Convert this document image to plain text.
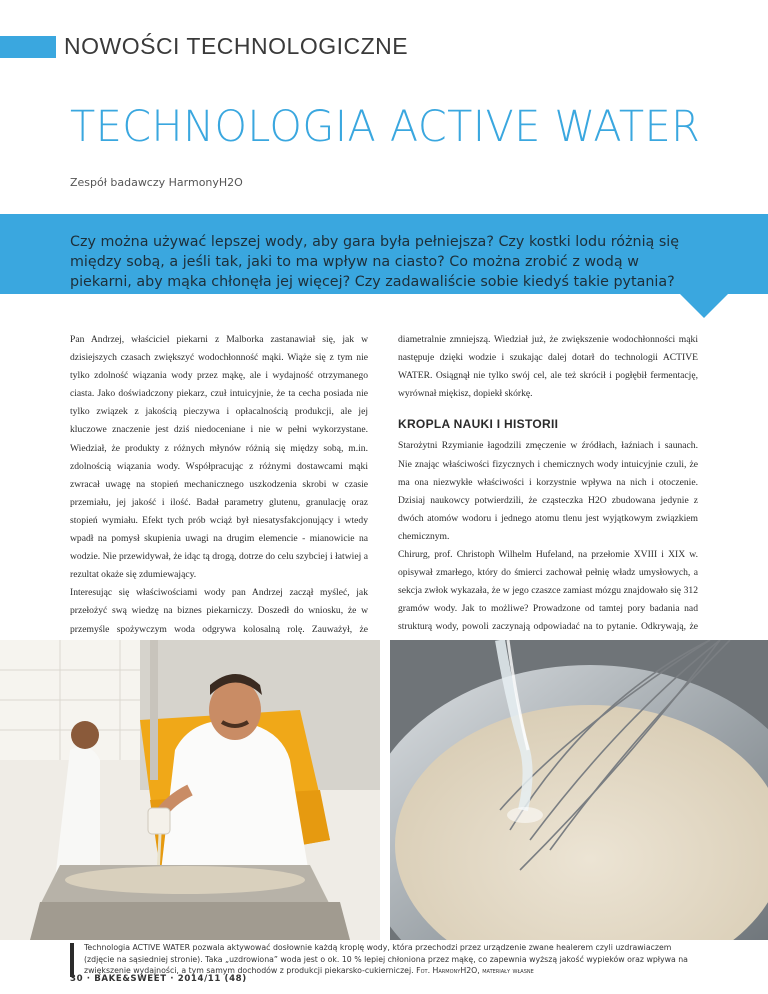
NOWOŚCI TECHNOLOGICZNE
TECHNOLOGIA ACTIVE WATER
Zespół badawczy HarmonyH2O
Czy można używać lepszej wody, aby gara była pełniejsza? Czy kostki lodu różnią się między sobą, a jeśli tak, jaki to ma wpływ na ciasto? Co można zrobić z wodą w piekarni, aby mąka chłonęła jej więcej? Czy zadawaliście sobie kiedyś takie pytania?

Pan Andrzej, właściciel piekarni z Malborka zastanawiał się, jak w dzisiejszych czasach zwiększyć wodochłonność mąki. Wiąże się z tym nie tylko zdolność wiązania wody przez mąkę, ale i wydajność otrzymanego ciasta. Jako doświadczony piekarz, czuł intuicyjnie, że ta cecha posiada nie tylko związek z jakością pieczywa i opłacalnością produkcji, ale jej kluczowe znaczenie jest dziś niedoceniane i nie w pełni wykorzystane. Wiedział, że produkty z różnych młynów różnią się między sobą, m.in. zdolnością wiązania wody. Współpracując z różnymi dostawcami mąki zwracał uwagę na stopień mechanicznego uszkodzenia skrobi w czasie przemiału, jej jakość i ilość. Badał parametry glutenu, granulację oraz stopień wymiału. Efekt tych prób wciąż był niesatysfakcjonujący i wtedy wpadł na pomysł skupienia uwagi na drugim elemencie - mianowicie na wodzie. Nie przewidywał, że idąc tą drogą, dotrze do celu szybciej i łatwiej a rezultat okaże się zdumiewający.

Interesując się właściwościami wody pan Andrzej zaczął myśleć, jak przełożyć swą wiedzę na biznes piekarniczy. Doszedł do wniosku, że w przemyśle spożywczym woda odgrywa kolosalną rolę. Zauważył, że

diametralnie zmniejszą. Wiedział już, że zwiększenie wodochłonności mąki następuje dzięki wodzie i szukając dalej dotarł do technologii ACTIVE WATER. Osiągnął nie tylko swój cel, ale też skrócił i pogłębił fermentację, wyrównał miękisz, dopiekł skórkę.

KROPLA NAUKI I HISTORII

Starożytni Rzymianie łagodzili zmęczenie w źródłach, łaźniach i saunach. Nie znając właściwości fizycznych i chemicznych wody intuicyjnie czuli, że ma ona niezwykłe właściwości i korzystnie wpływa na nich i otoczenie. Dzisiaj naukowcy potwierdzili, że cząsteczka H2O zbudowana jedynie z dwóch atomów wodoru i jednego atomu tlenu jest wyjątkowym związkiem chemicznym.

Chirurg, prof. Christoph Wilhelm Hufeland, na przełomie XVIII i XIX w. opisywał zmarłego, który do śmierci zachował pełnię władz umysłowych, a sekcja zwłok wykazała, że w jego czaszce zamiast mózgu znajdowało się 312 gramów wody. Jak to możliwe? Prowadzone od tamtej pory badania nad strukturą wody, powoli zaczynają odpowiadać na to pytanie. Odkrywają, że

Technologia ACTIVE WATER pozwala aktywować dosłownie każdą kroplę wody, która przechodzi przez urządzenie zwane healerem czyli uzdrawiaczem (zdjęcie na sąsiedniej stronie). Taka „uzdrowiona” woda jest o ok. 10 % lepiej chłoniona przez mąkę, co zapewnia wyższą jakość wypieków oraz wpływa na zwiększenie wydajności, a tym samym dochodów z produkcji piekarsko-cukierniczej. Fot. HarmonyH2O, materiały własne
30 · BAKE&SWEET · 2014/11 (48)
